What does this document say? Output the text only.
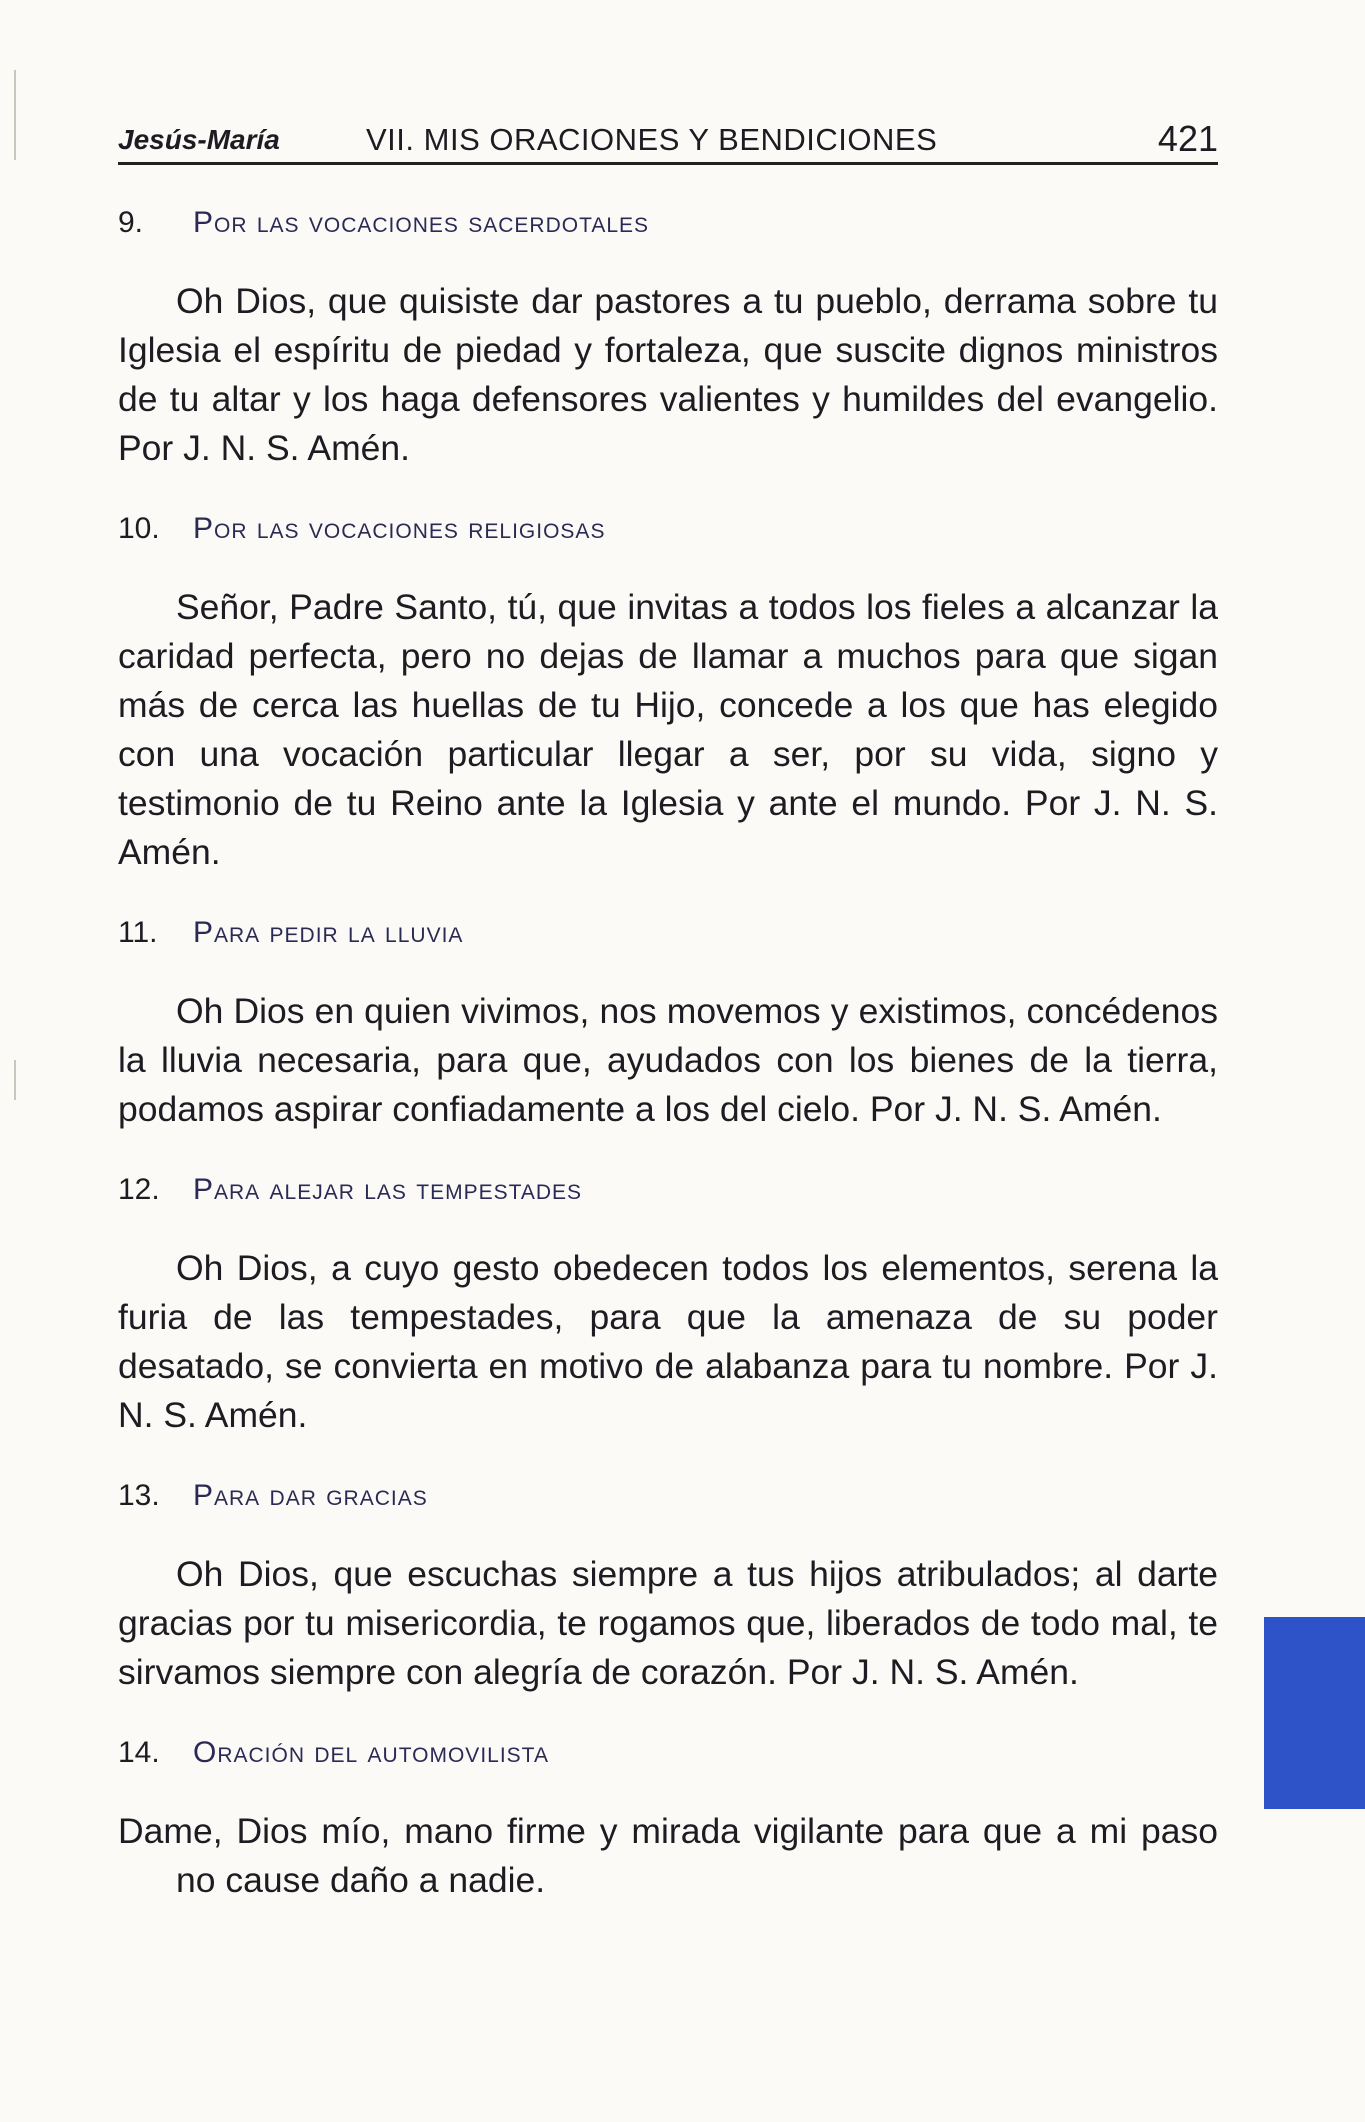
Jesús-María	VII. MIS ORACIONES Y BENDICIONES	421
9. Por las vocaciones sacerdotales

Oh Dios, que quisiste dar pastores a tu pueblo, derrama sobre tu Iglesia el espíritu de piedad y fortaleza, que suscite dignos ministros de tu altar y los haga defensores valientes y humildes del evangelio. Por J. N. S. Amén.

10. Por las vocaciones religiosas

Señor, Padre Santo, tú, que invitas a todos los fieles a alcanzar la caridad perfecta, pero no dejas de llamar a muchos para que sigan más de cerca las huellas de tu Hijo, concede a los que has elegido con una vocación particular llegar a ser, por su vida, signo y testimonio de tu Reino ante la Iglesia y ante el mundo. Por J. N. S. Amén.

11. Para pedir la lluvia

Oh Dios en quien vivimos, nos movemos y existimos, concédenos la lluvia necesaria, para que, ayudados con los bienes de la tierra, podamos aspirar confiadamente a los del cielo. Por J. N. S. Amén.

12. Para alejar las tempestades

Oh Dios, a cuyo gesto obedecen todos los elementos, serena la furia de las tempestades, para que la amenaza de su poder desatado, se convierta en motivo de alabanza para tu nombre. Por J. N. S. Amén.

13. Para dar gracias

Oh Dios, que escuchas siempre a tus hijos atribulados; al darte gracias por tu misericordia, te rogamos que, liberados de todo mal, te sirvamos siempre con alegría de corazón. Por J. N. S. Amén.

14. Oración del automovilista

Dame, Dios mío, mano firme y mirada vigilante para que a mi paso no cause daño a nadie.
